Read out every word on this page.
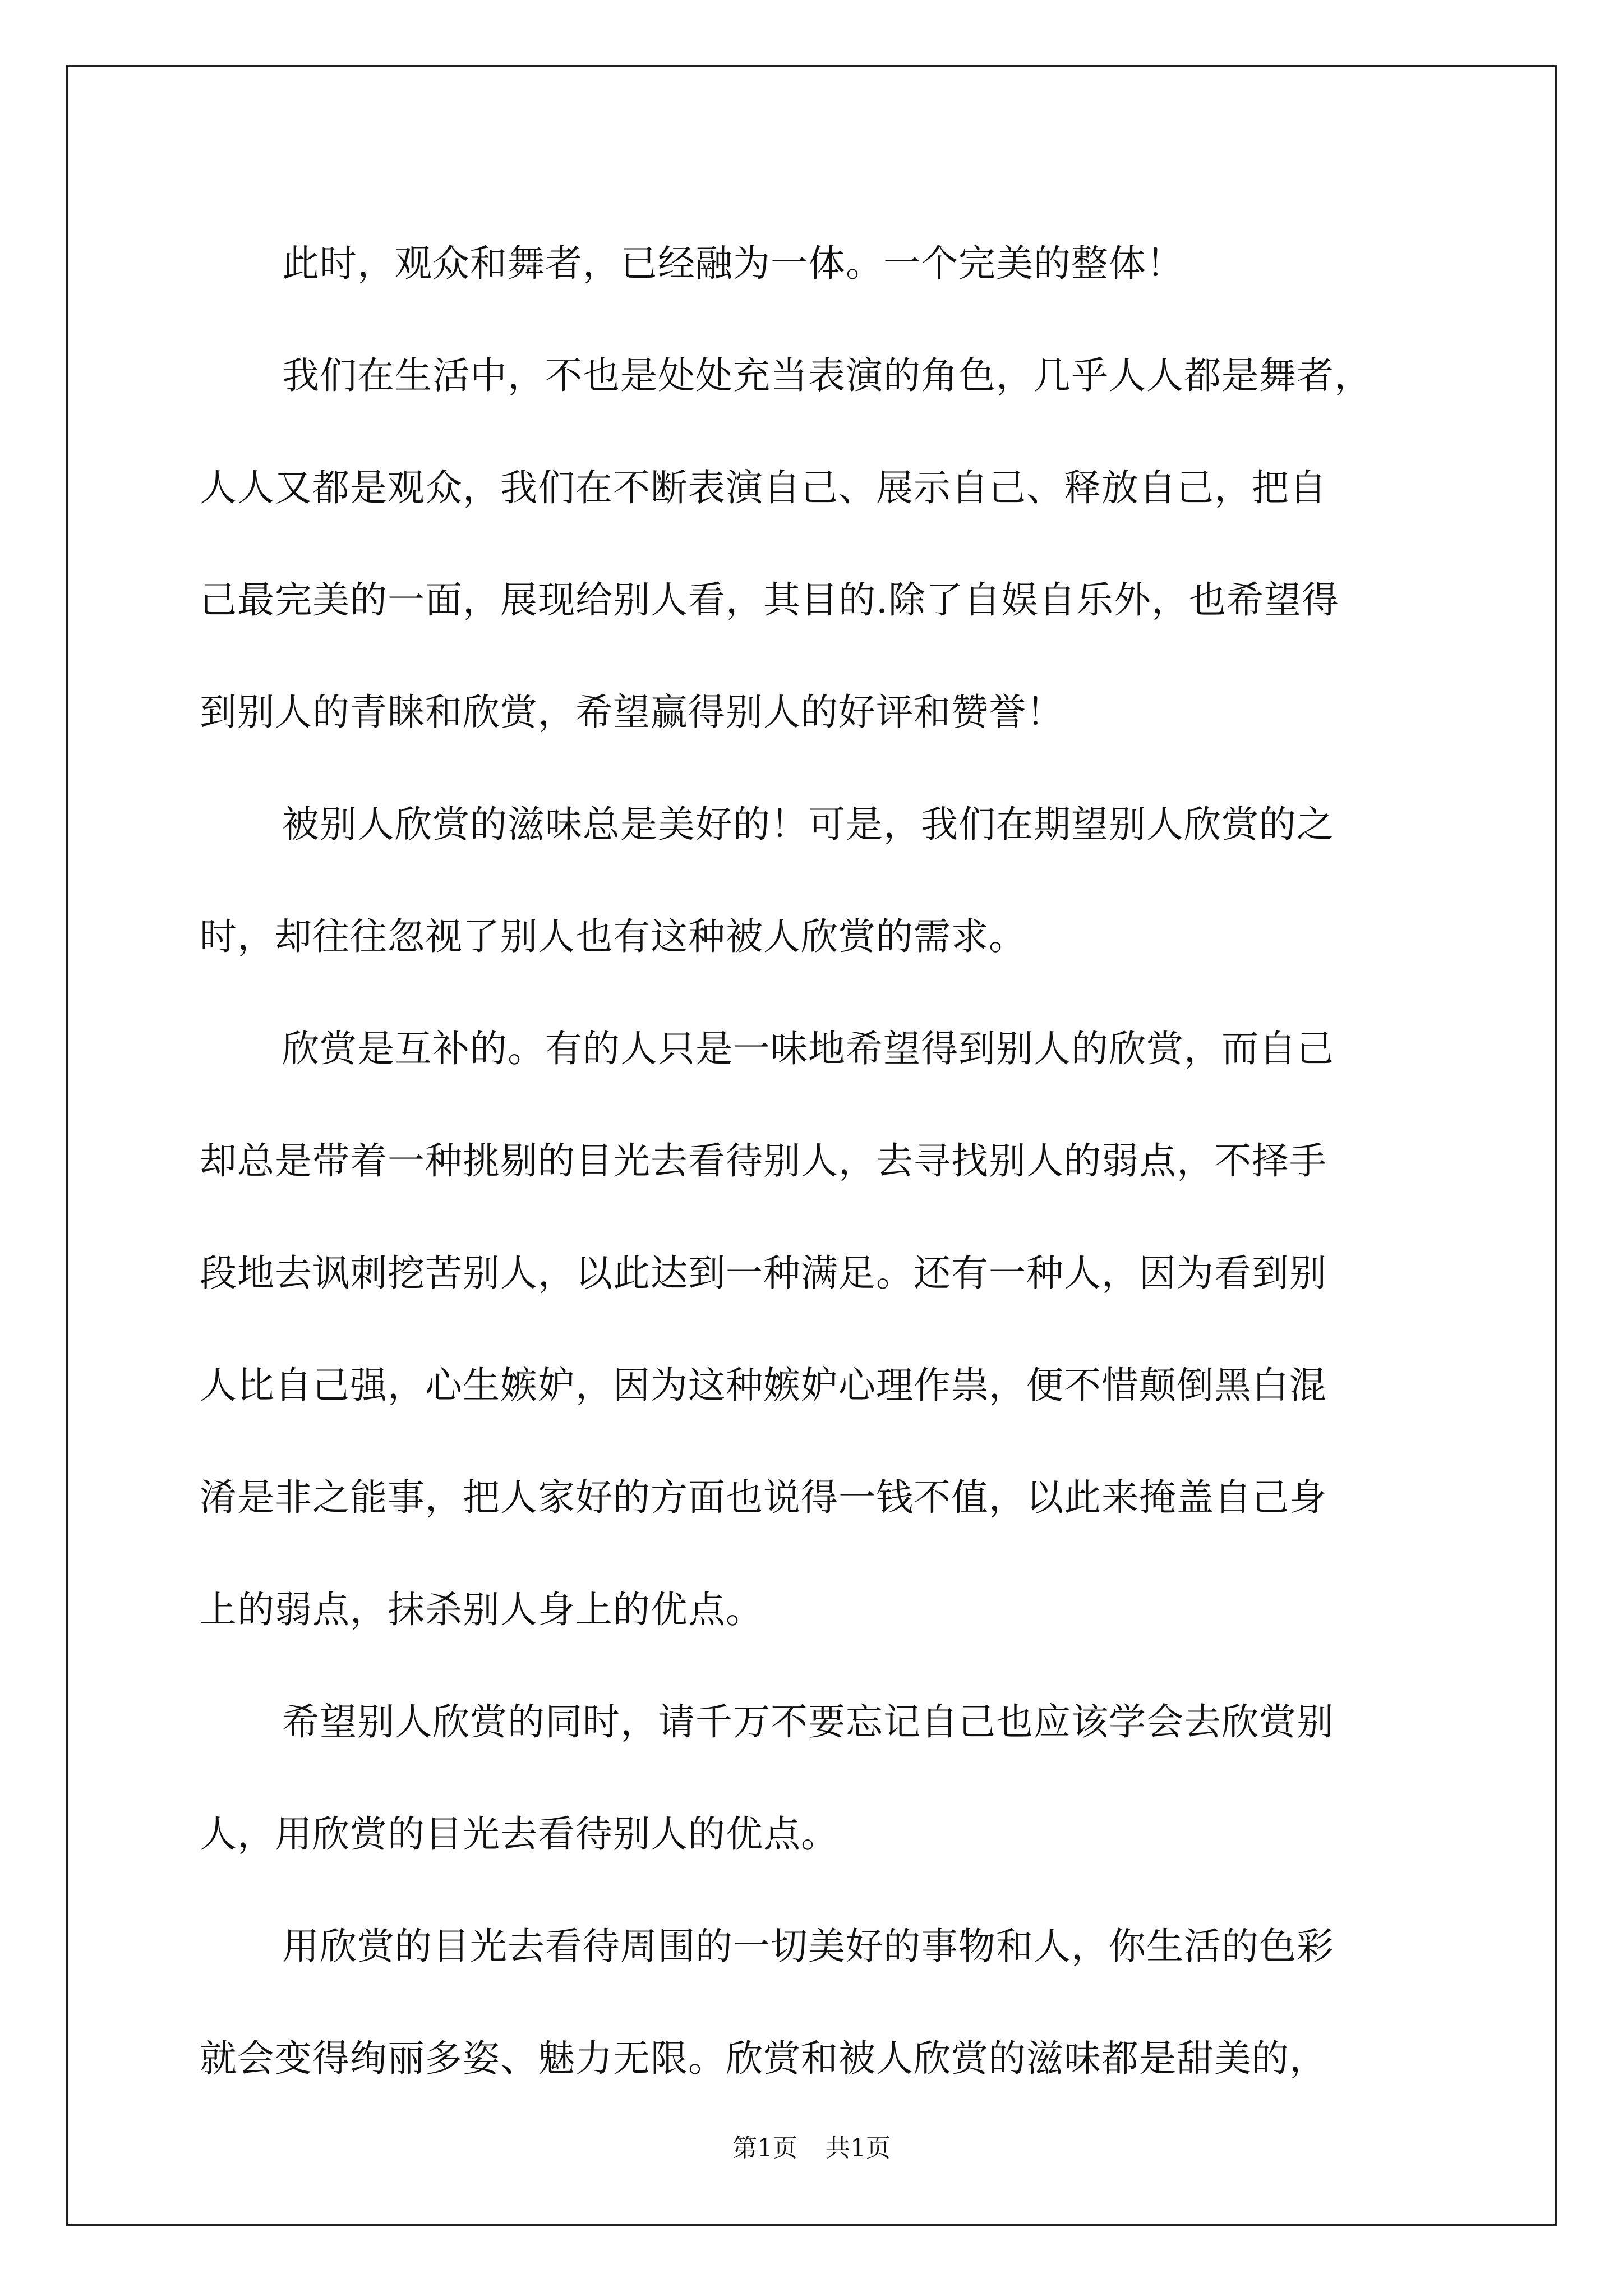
此时，观众和舞者，已经融为一体。一个完美的整体！
我们在生活中，不也是处处充当表演的角色，几乎人人都是舞者，
人人又都是观众，我们在不断表演自己、展示自己、释放自己，把自
己最完美的一面，展现给别人看，其目的.除了自娱自乐外，也希望得
到别人的青睐和欣赏，希望赢得别人的好评和赞誉！
被别人欣赏的滋味总是美好的！可是，我们在期望别人欣赏的之
时，却往往忽视了别人也有这种被人欣赏的需求。
欣赏是互补的。有的人只是一味地希望得到别人的欣赏，而自己
却总是带着一种挑剔的目光去看待别人，去寻找别人的弱点，不择手
段地去讽刺挖苦别人，以此达到一种满足。还有一种人，因为看到别
人比自己强，心生嫉妒，因为这种嫉妒心理作祟，便不惜颠倒黑白混
淆是非之能事，把人家好的方面也说得一钱不值，以此来掩盖自己身
上的弱点，抹杀别人身上的优点。
希望别人欣赏的同时，请千万不要忘记自己也应该学会去欣赏别
人，用欣赏的目光去看待别人的优点。
用欣赏的目光去看待周围的一切美好的事物和人，你生活的色彩
就会变得绚丽多姿、魅力无限。欣赏和被人欣赏的滋味都是甜美的，
第1页 共1页
